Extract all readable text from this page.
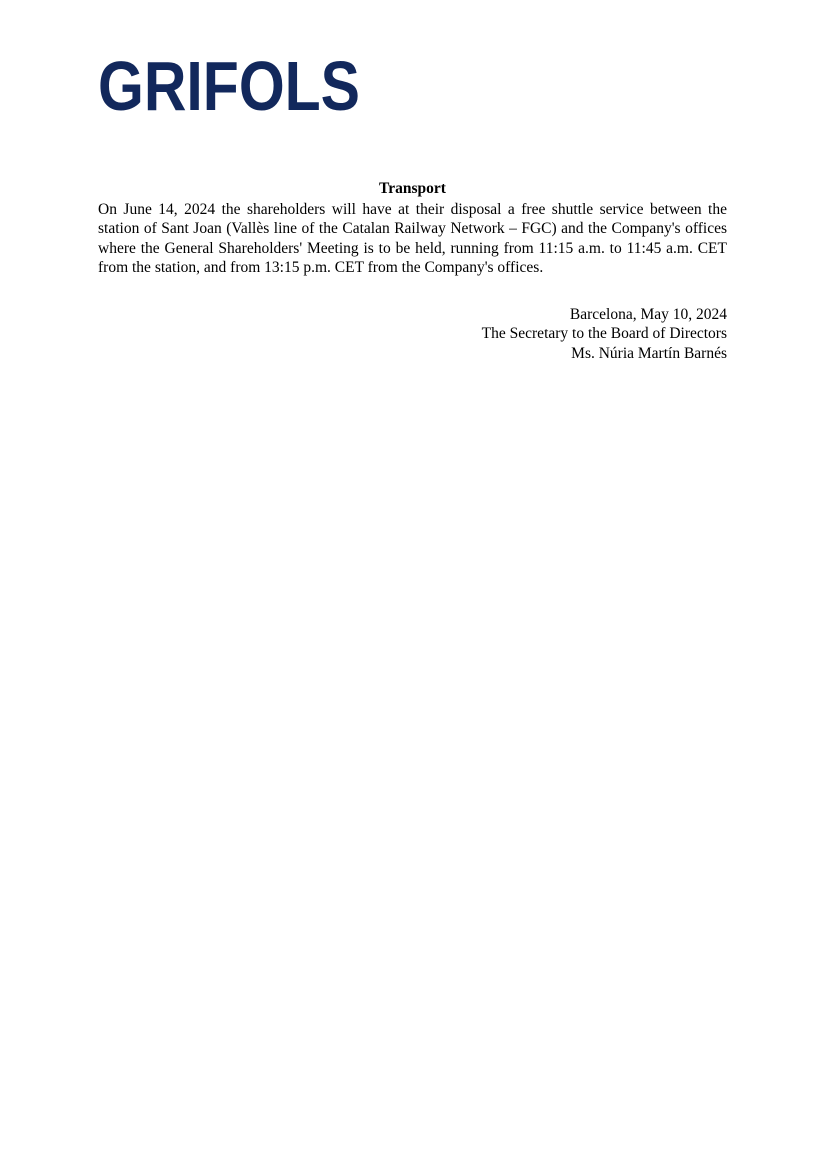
GRIFOLS

Transport

On June 14, 2024 the shareholders will have at their disposal a free shuttle service between the station of Sant Joan (Vallès line of the Catalan Railway Network – FGC) and the Company's offices where the General Shareholders' Meeting is to be held, running from 11:15 a.m. to 11:45 a.m. CET from the station, and from 13:15 p.m. CET from the Company's offices.

Barcelona, May 10, 2024
The Secretary to the Board of Directors
Ms. Núria Martín Barnés
